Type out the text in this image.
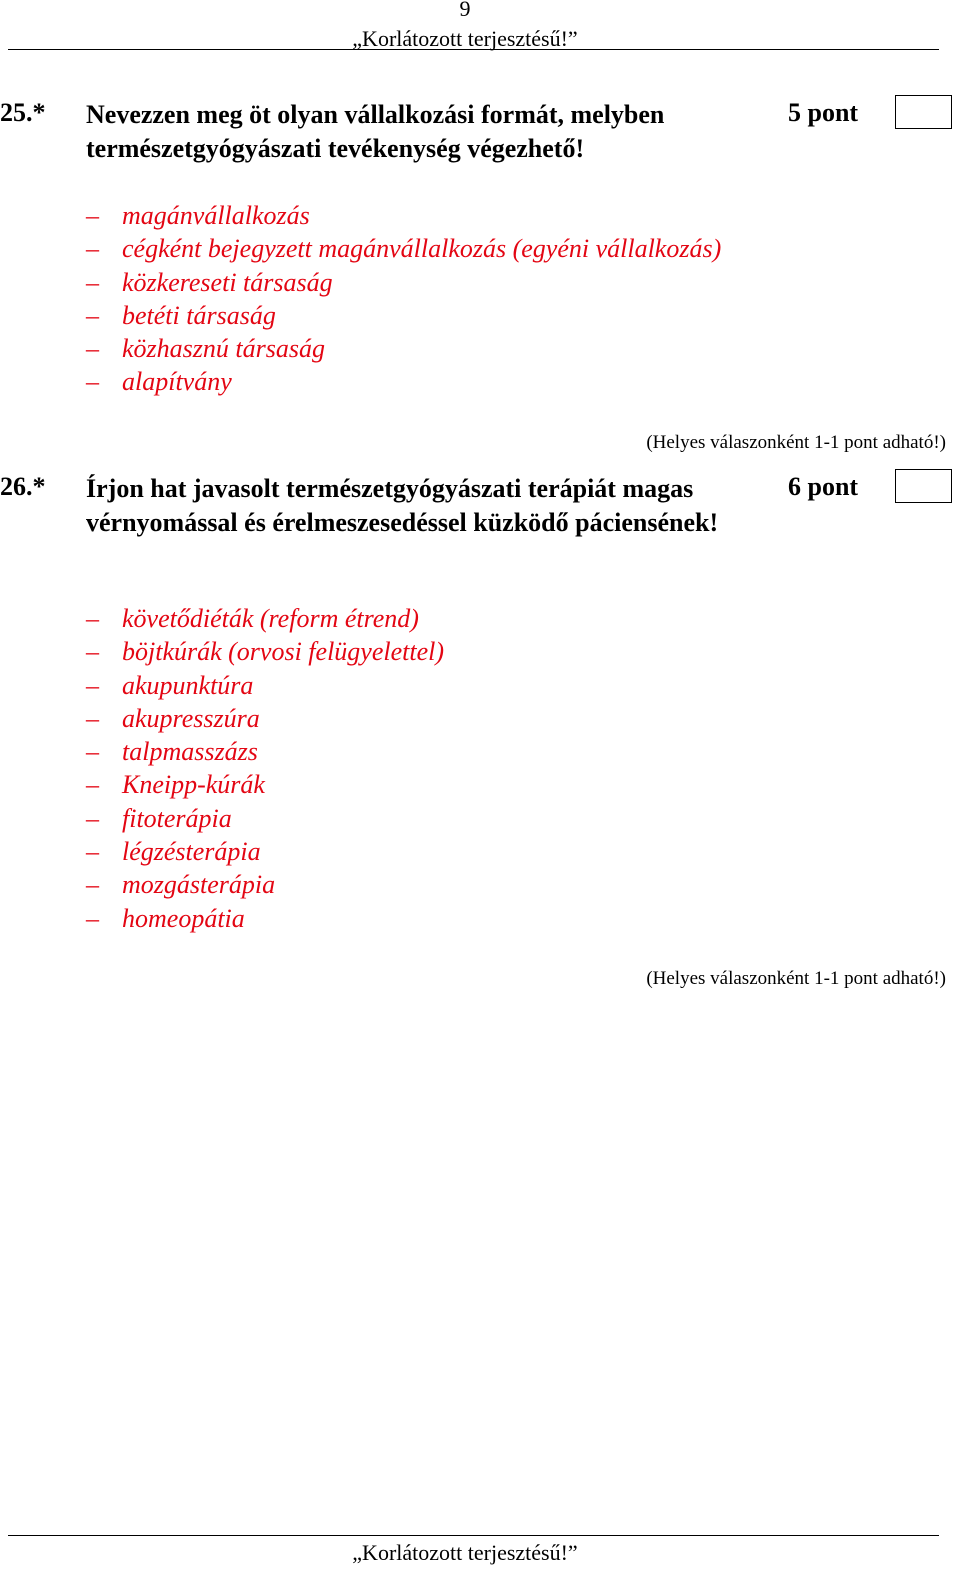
9
„Korlátozott terjesztésű!”
25.* Nevezzen meg öt olyan vállalkozási formát, melyben természetgyógyászati tevékenység végezhető!
5 pont
– magánvállalkozás
– cégként bejegyzett magánvállalkozás (egyéni vállalkozás)
– közkereseti társaság
– betéti társaság
– közhasznú társaság
– alapítvány
(Helyes válaszonként 1-1 pont adható!)
26.* Írjon hat javasolt természetgyógyászati terápiát magas vérnyomással és érelmeszesedéssel küzködő páciensének!
6 pont
– követődiéták (reform étrend)
– böjtkúrák (orvosi felügyelettel)
– akupunktúra
– akupresszúra
– talpmasszázs
– Kneipp-kúrák
– fitoterápia
– légzésterápia
– mozgásterápia
– homeopátia
(Helyes válaszonként 1-1 pont adható!)
„Korlátozott terjesztésű!”
